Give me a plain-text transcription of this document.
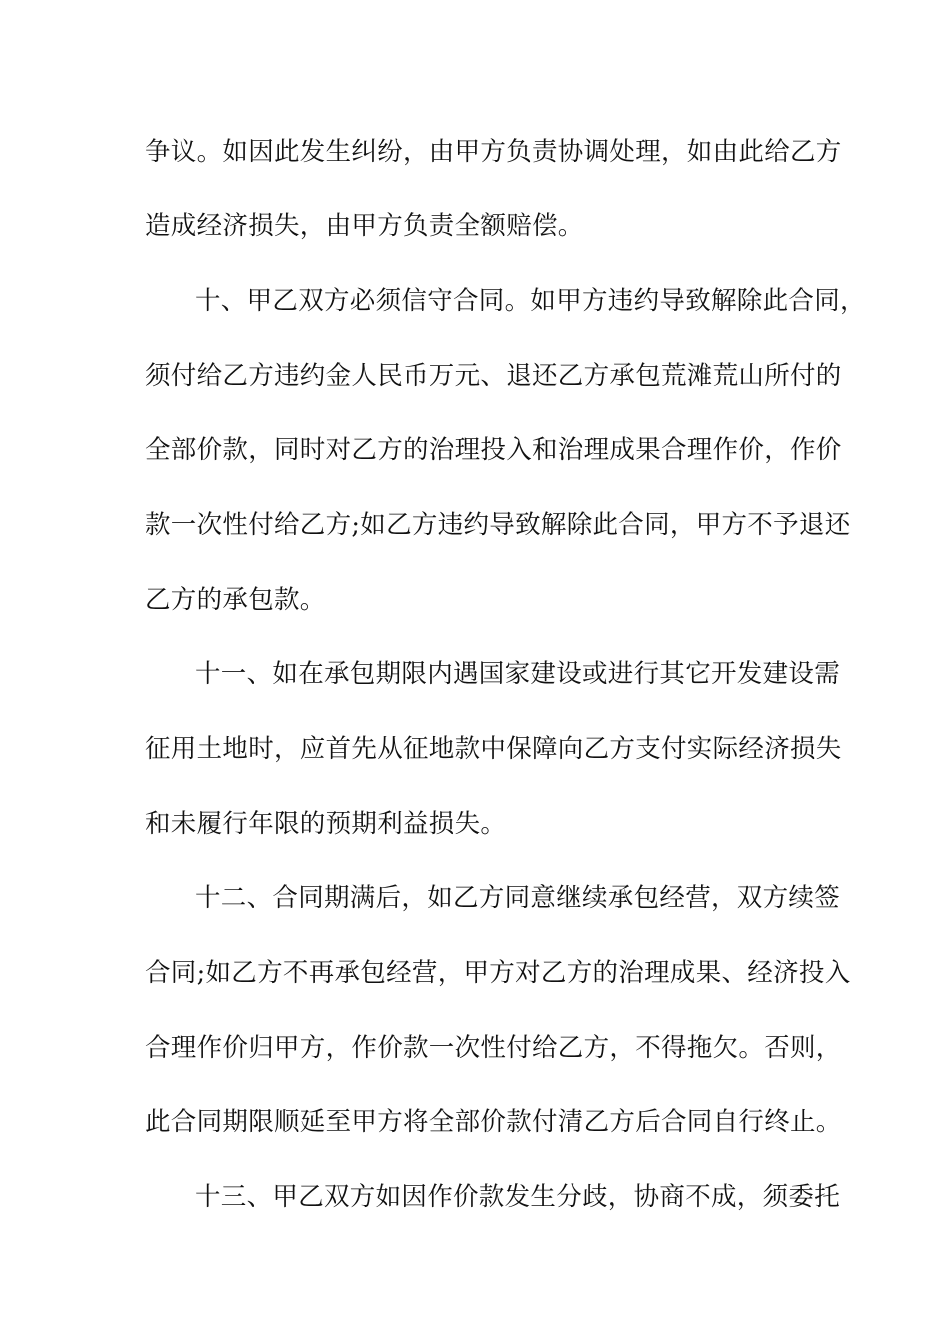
争议。如因此发生纠纷，由甲方负责协调处理，如由此给乙方
造成经济损失，由甲方负责全额赔偿。
十、甲乙双方必须信守合同。如甲方违约导致解除此合同，
须付给乙方违约金人民币万元、退还乙方承包荒滩荒山所付的
全部价款，同时对乙方的治理投入和治理成果合理作价，作价
款一次性付给乙方;如乙方违约导致解除此合同，甲方不予退还
乙方的承包款。
十一、如在承包期限内遇国家建设或进行其它开发建设需
征用土地时，应首先从征地款中保障向乙方支付实际经济损失
和未履行年限的预期利益损失。
十二、合同期满后，如乙方同意继续承包经营，双方续签
合同;如乙方不再承包经营，甲方对乙方的治理成果、经济投入
合理作价归甲方，作价款一次性付给乙方，不得拖欠。否则，
此合同期限顺延至甲方将全部价款付清乙方后合同自行终止。
十三、甲乙双方如因作价款发生分歧，协商不成，须委托
